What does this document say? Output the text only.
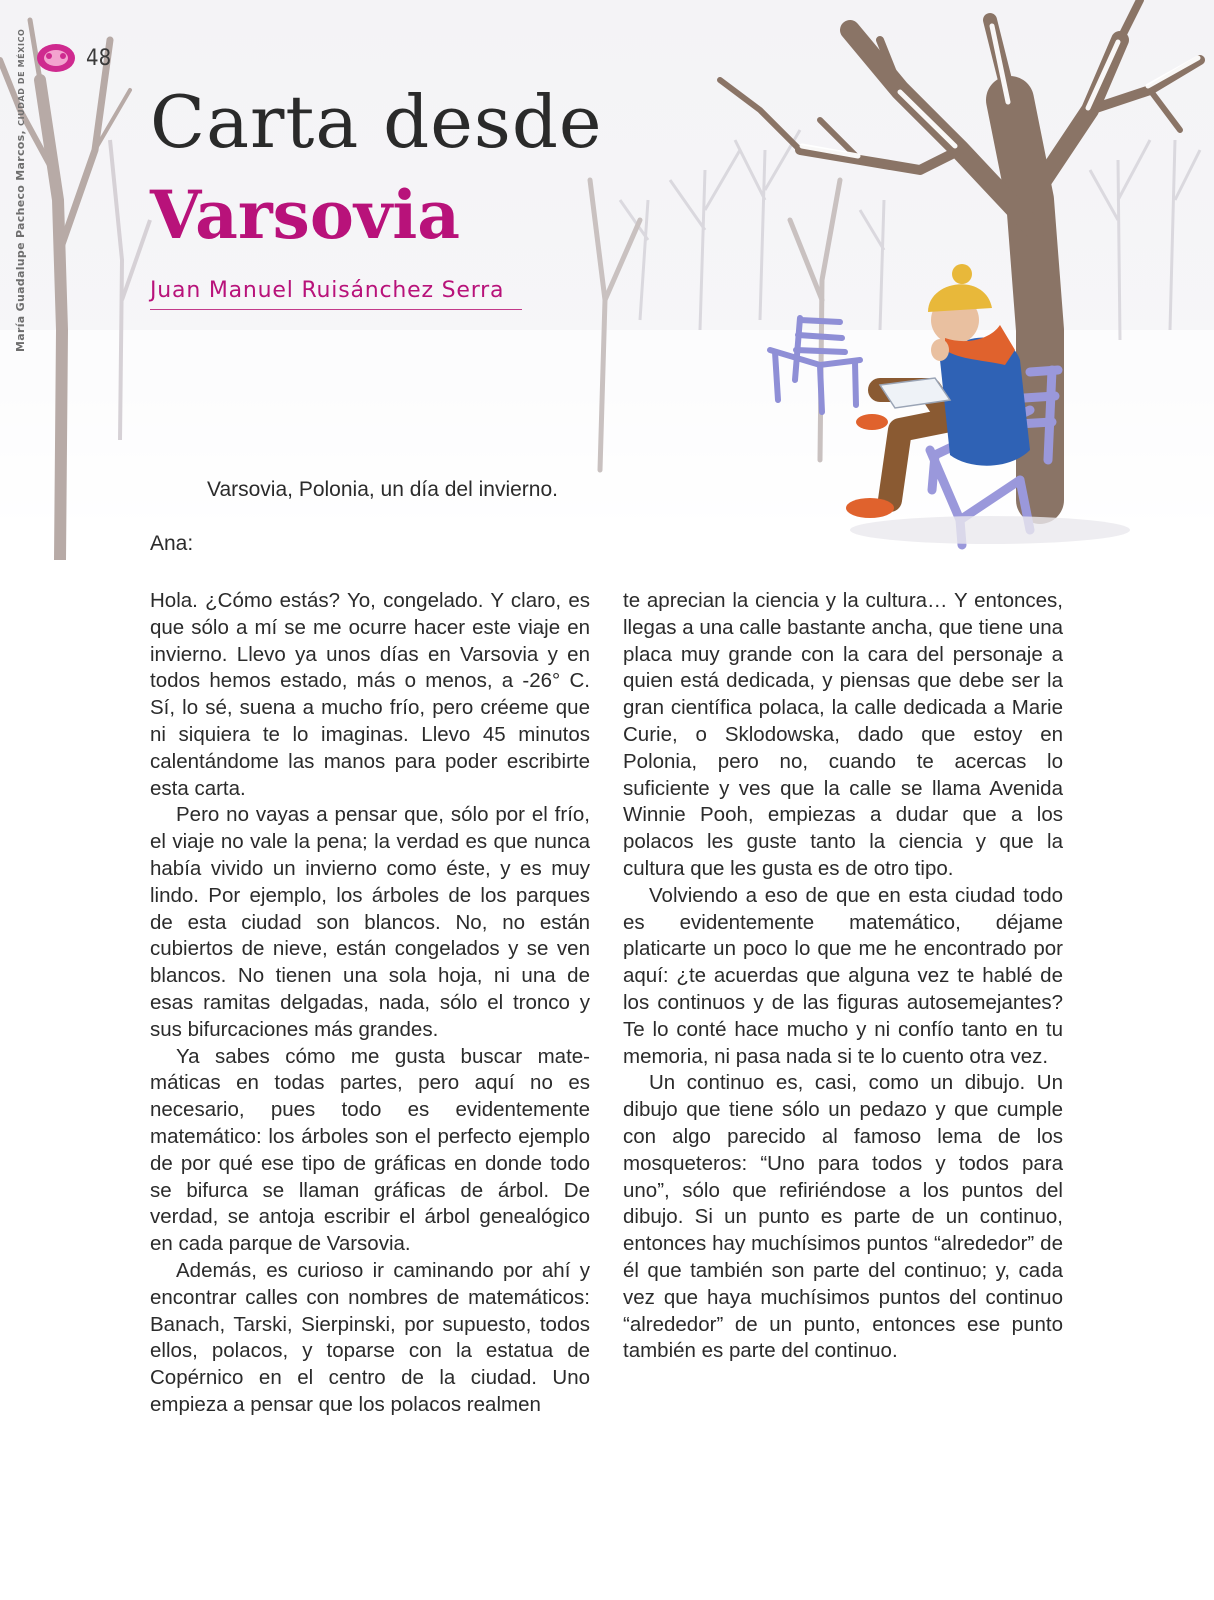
48
María Guadalupe Pacheco Marcos, CIUDAD DE MÉXICO Carta desde
Varsovia
Juan Manuel Ruisánchez Serra
Varsovia, Polonia, un día del invierno.
Ana:

Hola. ¿Cómo estás? Yo, congelado. Y claro, es que sólo a mí se me ocurre hacer este viaje en invierno. Llevo ya unos días en Varsovia y en todos hemos estado, más o menos, a -26° C. Sí, lo sé, suena a mucho frío, pero créeme que ni siquiera te lo imaginas. Llevo 45 minutos calentándome las manos para poder escribirte esta carta.

Pero no vayas a pensar que, sólo por el frío, el viaje no vale la pena; la verdad es que nunca había vivido un invierno como éste, y es muy lindo. Por ejemplo, los árboles de los parques de esta ciudad son blancos. No, no están cubiertos de nieve, están congelados y se ven blancos. No tienen una sola hoja, ni una de esas ramitas delgadas, nada, sólo el tronco y sus bifurcaciones más grandes.

Ya sabes cómo me gusta buscar matemáticas en todas partes, pero aquí no es necesario, pues todo es evidentemente matemático: los árboles son el perfecto ejemplo de por qué ese tipo de gráficas en donde todo se bifurca se llaman gráficas de árbol. De verdad, se antoja escribir el árbol genealógico en cada parque de Varsovia.

Además, es curioso ir caminando por ahí y encontrar calles con nombres de matemáticos: Banach, Tarski, Sierpinski, por supuesto, todos ellos, polacos, y toparse con la estatua de Copérnico en el centro de la ciudad. Uno empieza a pensar que los polacos realmen

te aprecian la ciencia y la cultura… Y entonces, llegas a una calle bastante ancha, que tiene una placa muy grande con la cara del personaje a quien está dedicada, y piensas que debe ser la gran científica polaca, la calle dedicada a Marie Curie, o Sklodowska, dado que estoy en Polonia, pero no, cuando te acercas lo suficiente y ves que la calle se llama Avenida Winnie Pooh, empiezas a dudar que a los polacos les guste tanto la ciencia y que la cultura que les gusta es de otro tipo.

Volviendo a eso de que en esta ciudad todo es evidentemente matemático, déjame platicarte un poco lo que me he encontrado por aquí: ¿te acuerdas que alguna vez te hablé de los continuos y de las figuras autosemejantes? Te lo conté hace mucho y ni confío tanto en tu memoria, ni pasa nada si te lo cuento otra vez.

Un continuo es, casi, como un dibujo. Un dibujo que tiene sólo un pedazo y que cumple con algo parecido al famoso lema de los mosqueteros: “Uno para todos y todos para uno”, sólo que refiriéndose a los puntos del dibujo. Si un punto es parte de un continuo, entonces hay muchísimos puntos “alrededor” de él que también son parte del continuo; y, cada vez que haya muchísimos puntos del continuo “alrededor” de un punto, entonces ese punto también es parte del continuo.
